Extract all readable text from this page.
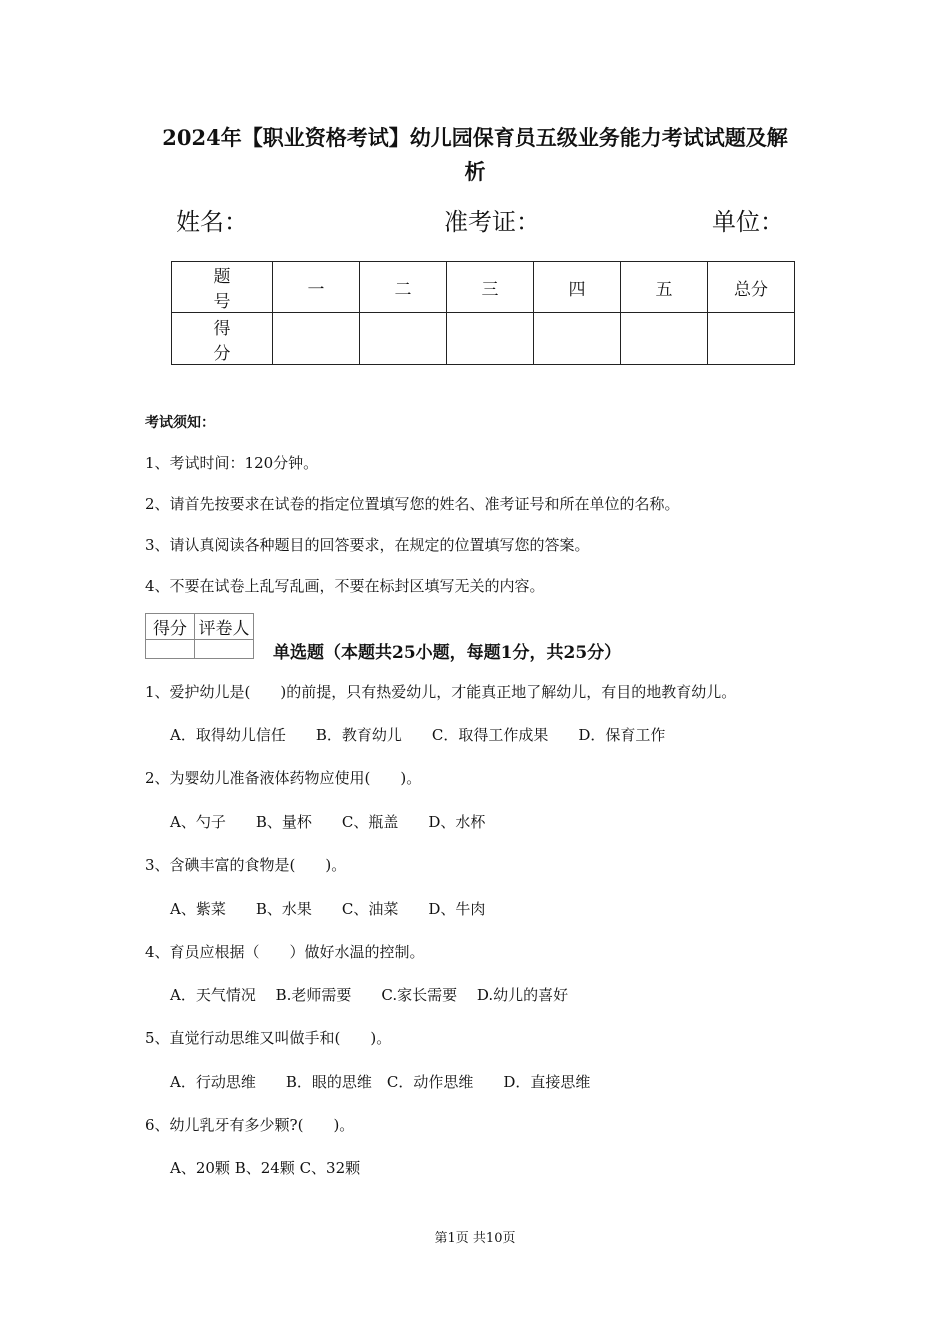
2024年【职业资格考试】幼儿园保育员五级业务能力考试试题及解
析
姓名：	准考证：	单位：
题　号	一	二	三	四	五	总分
得　分						
考试须知：
1、考试时间：120分钟。
2、请首先按要求在试卷的指定位置填写您的姓名、准考证号和所在单位的名称。
3、请认真阅读各种题目的回答要求，在规定的位置填写您的答案。
4、不要在试卷上乱写乱画，不要在标封区填写无关的内容。
得分	评卷人

单选题（本题共25小题，每题1分，共25分）
1、爱护幼儿是(　　)的前提，只有热爱幼儿，才能真正地了解幼儿，有目的地教育幼儿。
A．取得幼儿信任　　B．教育幼儿　　C．取得工作成果　　D．保育工作
2、为婴幼儿准备液体药物应使用(　　)。
A、勺子　　B、量杯　　C、瓶盖　　D、水杯
3、含碘丰富的食物是(　　)。
A、紫菜　　B、水果　　C、油菜　　D、牛肉
4、育员应根据（　　）做好水温的控制。
A．天气情况　 B.老师需要　　C.家长需要　 D.幼儿的喜好
5、直觉行动思维又叫做手和(　　)。
A．行动思维　　B．眼的思维　C．动作思维　　D．直接思维
6、幼儿乳牙有多少颗?(　　)。
A、20颗 B、24颗 C、32颗
第1页 共10页
